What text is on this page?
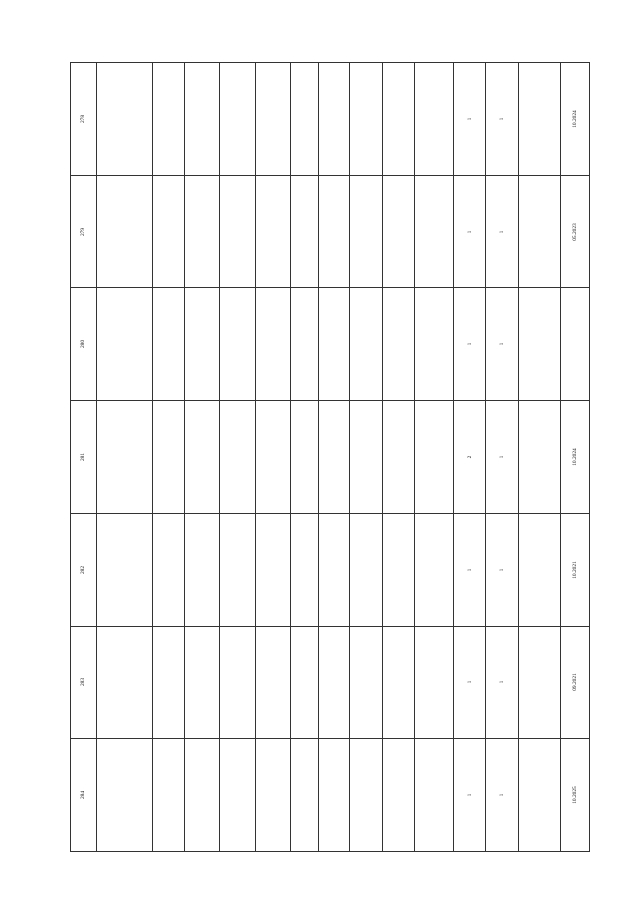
278	1	1	10.2024
279	1	1	05.2023
280	1	1
281	2	1	10.2024
282	1	1	10.2021
283	1	1	09.2021
284	1	1	10.2025
